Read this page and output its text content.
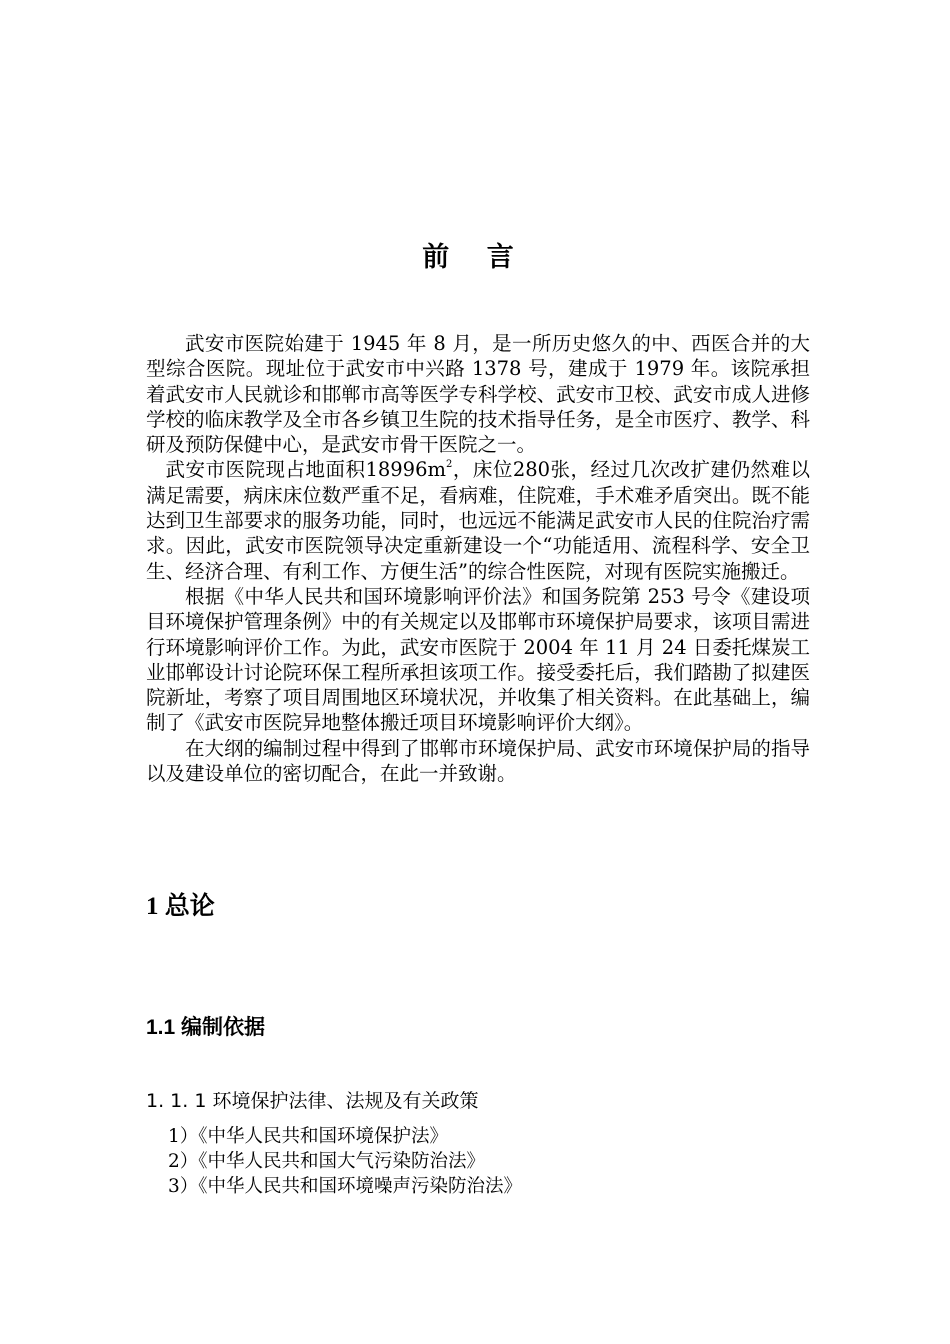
前 言

武安市医院始建于 1945 年 8 月，是一所历史悠久的中、西医合并的大型综合医院。现址位于武安市中兴路 1378 号，建成于 1979 年。该院承担着武安市人民就诊和邯郸市高等医学专科学校、武安市卫校、武安市成人进修学校的临床教学及全市各乡镇卫生院的技术指导任务，是全市医疗、教学、科研及预防保健中心，是武安市骨干医院之一。

武安市医院现占地面积$18996m^2$，床位280张，经过几次改扩建仍然难以满足需要，病床床位数严重不足，看病难，住院难，手术难矛盾突出。既不能达到卫生部要求的服务功能，同时，也远远不能满足武安市人民的住院治疗需求。因此，武安市医院领导决定重新建设一个“功能适用、流程科学、安全卫生、经济合理、有利工作、方便生活”的综合性医院，对现有医院实施搬迁。

根据《中华人民共和国环境影响评价法》和国务院第 253 号令《建设项目环境保护管理条例》中的有关规定以及邯郸市环境保护局要求，该项目需进行环境影响评价工作。为此，武安市医院于 2004 年 11 月 24 日委托煤炭工业邯郸设计讨论院环保工程所承担该项工作。接受委托后，我们踏勘了拟建医院新址，考察了项目周围地区环境状况，并收集了相关资料。在此基础上，编制了《武安市医院异地整体搬迁项目环境影响评价大纲》。

在大纲的编制过程中得到了邯郸市环境保护局、武安市环境保护局的指导以及建设单位的密切配合，在此一并致谢。

1 总论
1.1 编制依据
1. 1. 1 环境保护法律、法规及有关政策
1）《中华人民共和国环境保护法》
2）《中华人民共和国大气污染防治法》
3）《中华人民共和国环境噪声污染防治法》
